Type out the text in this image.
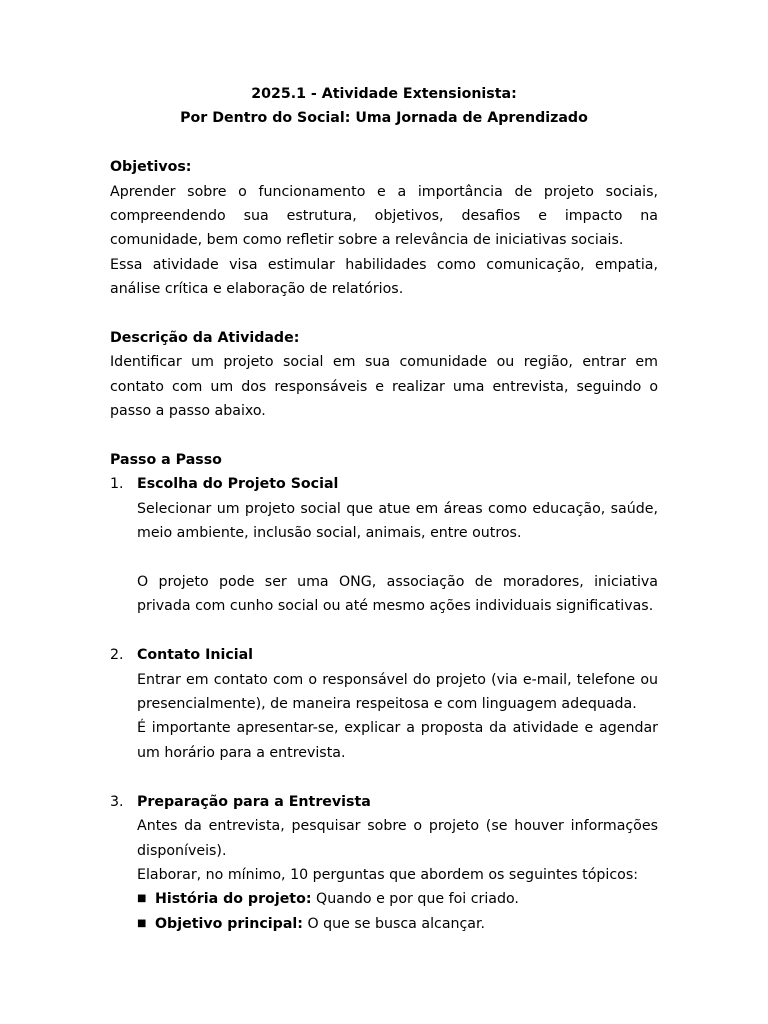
2025.1 - Atividade Extensionista:

Por Dentro do Social: Uma Jornada de Aprendizado

Objetivos:

Aprender sobre o funcionamento e a importância de projeto sociais, compreendendo sua estrutura, objetivos, desafios e impacto na comunidade, bem como refletir sobre a relevância de iniciativas sociais.

Essa atividade visa estimular habilidades como comunicação, empatia, análise crítica e elaboração de relatórios.

Descrição da Atividade:

Identificar um projeto social em sua comunidade ou região, entrar em contato com um dos responsáveis e realizar uma entrevista, seguindo o passo a passo abaixo.

Passo a Passo

1. Escolha do Projeto Social

Selecionar um projeto social que atue em áreas como educação, saúde, meio ambiente, inclusão social, animais, entre outros.

O projeto pode ser uma ONG, associação de moradores, iniciativa privada com cunho social ou até mesmo ações individuais significativas.

2. Contato Inicial

Entrar em contato com o responsável do projeto (via e-mail, telefone ou presencialmente), de maneira respeitosa e com linguagem adequada.

É importante apresentar-se, explicar a proposta da atividade e agendar um horário para a entrevista.

3. Preparação para a Entrevista

Antes da entrevista, pesquisar sobre o projeto (se houver informações disponíveis).

Elaborar, no mínimo, 10 perguntas que abordem os seguintes tópicos:

■ História do projeto: Quando e por que foi criado.
■ Objetivo principal: O que se busca alcançar.
